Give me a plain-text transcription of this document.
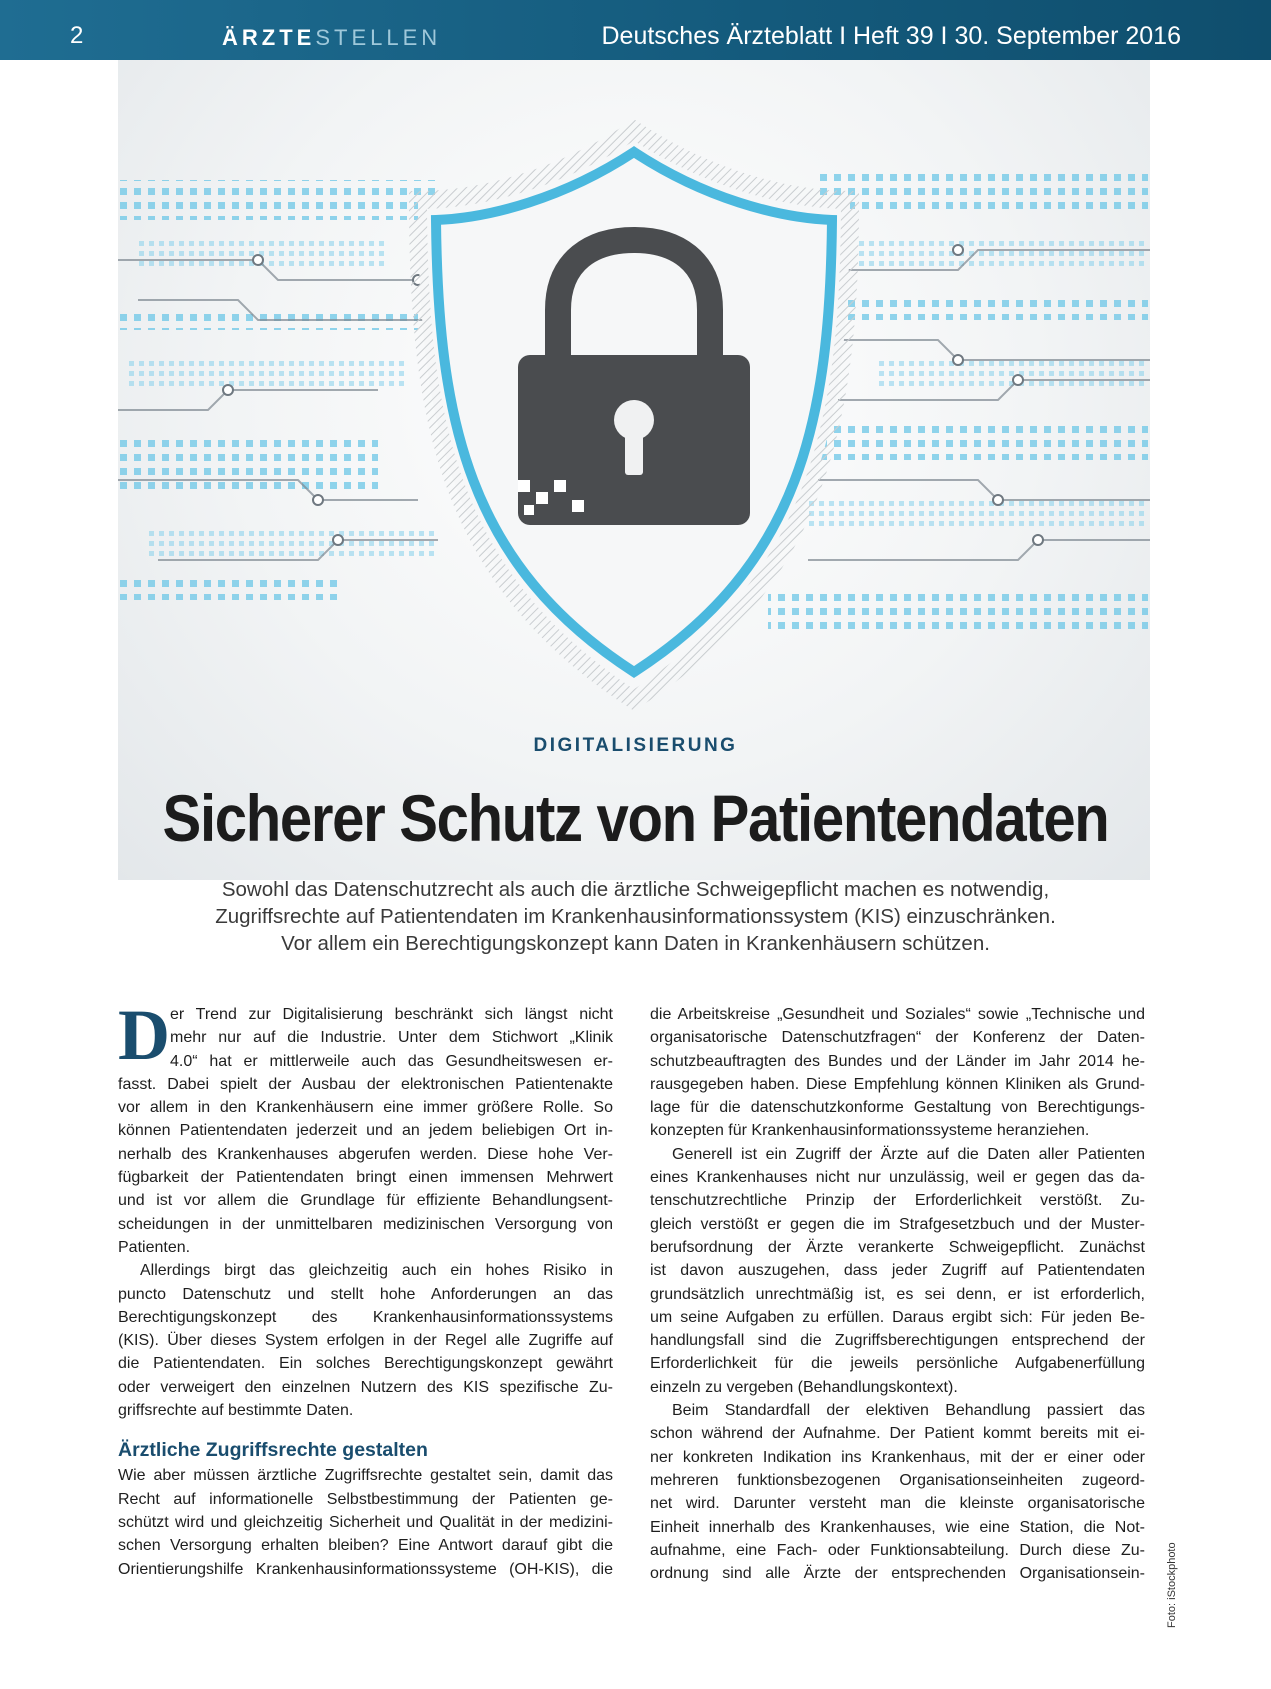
2	ÄRZTESTELLEN	Deutsches Ärzteblatt I Heft 39 I 30. September 2016
DIGITALISIERUNG
Sicherer Schutz von Patientendaten
Sowohl das Datenschutzrecht als auch die ärztliche Schweigepflicht machen es notwendig,
Zugriffsrechte auf Patientendaten im Krankenhausinformationssystem (KIS) einzuschränken.
Vor allem ein Berechtigungskonzept kann Daten in Krankenhäusern schützen.
D er Trend zur Digitalisierung beschränkt sich längst nicht
mehr nur auf die Industrie. Unter dem Stichwort „Klinik
4.0“ hat er mittlerweile auch das Gesundheitswesen er-
fasst. Dabei spielt der Ausbau der elektronischen Patientenakte
vor allem in den Krankenhäusern eine immer größere Rolle. So
können Patientendaten jederzeit und an jedem beliebigen Ort in-
nerhalb des Krankenhauses abgerufen werden. Diese hohe Ver-
fügbarkeit der Patientendaten bringt einen immensen Mehrwert
und ist vor allem die Grundlage für effiziente Behandlungsent-
scheidungen in der unmittelbaren medizinischen Versorgung von
Patienten.
Allerdings birgt das gleichzeitig auch ein hohes Risiko in
puncto Datenschutz und stellt hohe Anforderungen an das
Berechtigungskonzept des Krankenhausinformationssystems
(KIS). Über dieses System erfolgen in der Regel alle Zugriffe auf
die Patientendaten. Ein solches Berechtigungskonzept gewährt
oder verweigert den einzelnen Nutzern des KIS spezifische Zu-
griffsrechte auf bestimmte Daten.
Ärztliche Zugriffsrechte gestalten
Wie aber müssen ärztliche Zugriffsrechte gestaltet sein, damit das
Recht auf informationelle Selbstbestimmung der Patienten ge-
schützt wird und gleichzeitig Sicherheit und Qualität in der medizini-
schen Versorgung erhalten bleiben? Eine Antwort darauf gibt die
Orientierungshilfe Krankenhausinformationssysteme (OH-KIS), die
die Arbeitskreise „Gesundheit und Soziales“ sowie „Technische und
organisatorische Datenschutzfragen“ der Konferenz der Daten-
schutzbeauftragten des Bundes und der Länder im Jahr 2014 he-
rausgegeben haben. Diese Empfehlung können Kliniken als Grund-
lage für die datenschutzkonforme Gestaltung von Berechtigungs-
konzepten für Krankenhausinformationssysteme heranziehen.
Generell ist ein Zugriff der Ärzte auf die Daten aller Patienten
eines Krankenhauses nicht nur unzulässig, weil er gegen das da-
tenschutzrechtliche Prinzip der Erforderlichkeit verstößt. Zu-
gleich verstößt er gegen die im Strafgesetzbuch und der Muster-
berufsordnung der Ärzte verankerte Schweigepflicht. Zunächst
ist davon auszugehen, dass jeder Zugriff auf Patientendaten
grundsätzlich unrechtmäßig ist, es sei denn, er ist erforderlich,
um seine Aufgaben zu erfüllen. Daraus ergibt sich: Für jeden Be-
handlungsfall sind die Zugriffsberechtigungen entsprechend der
Erforderlichkeit für die jeweils persönliche Aufgabenerfüllung
einzeln zu vergeben (Behandlungskontext).
Beim Standardfall der elektiven Behandlung passiert das
schon während der Aufnahme. Der Patient kommt bereits mit ei-
ner konkreten Indikation ins Krankenhaus, mit der er einer oder
mehreren funktionsbezogenen Organisationseinheiten zugeord-
net wird. Darunter versteht man die kleinste organisatorische
Einheit innerhalb des Krankenhauses, wie eine Station, die Not-
aufnahme, eine Fach- oder Funktionsabteilung. Durch diese Zu-
ordnung sind alle Ärzte der entsprechenden Organisationsein- Foto: iStockphoto
